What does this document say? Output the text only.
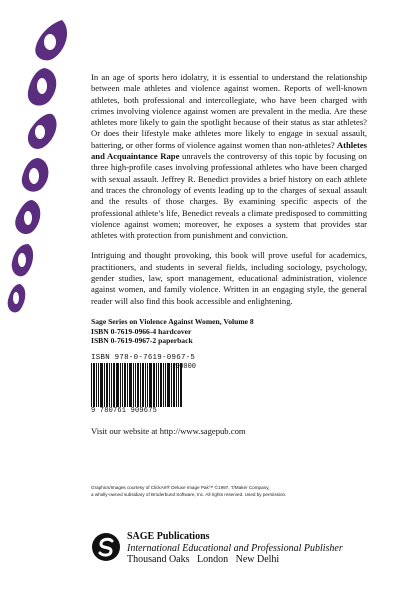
In an age of sports hero idolatry, it is essential to understand the relationship between male athletes and violence against women. Reports of well-known athletes, both professional and intercollegiate, who have been charged with crimes involving violence against women are prevalent in the media. Are these athletes more likely to gain the spotlight because of their status as star athletes? Or does their lifestyle make athletes more likely to engage in sexual assault, battering, or other forms of violence against women than non-athletes? Athletes and Acquaintance Rape unravels the controversy of this topic by focusing on three high-profile cases involving professional athletes who have been charged with sexual assault. Jeffrey R. Benedict provides a brief history on each athlete and traces the chronology of events leading up to the charges of sexual assault and the results of those charges. By examining specific aspects of the professional athlete’s life, Benedict reveals a climate predisposed to committing violence against women; moreover, he exposes a system that provides star athletes with protection from punishment and conviction.

Intriguing and thought provoking, this book will prove useful for academics, practitioners, and students in several fields, including sociology, psychology, gender studies, law, sport management, educational administration, violence against women, and family violence. Written in an engaging style, the general reader will also find this book accessible and enlightening.

Sage Series on Violence Against Women, Volume 8
ISBN 0-7619-0966-4 hardcover
ISBN 0-7619-0967-2 paperback
ISBN 978-0-7619-0967-5
9 780761 909675
90000
Visit our website at http://www.sagepub.com
Graphics/Images courtesy of ClickArt® Deluxe Image Pak™ ©1997, T/Maker Company,
a wholly-owned subsidiary of Broderbund Software, Inc. All rights reserved. Used by permission.
SAGE Publications
International Educational and Professional Publisher
Thousand Oaks   London   New Delhi
